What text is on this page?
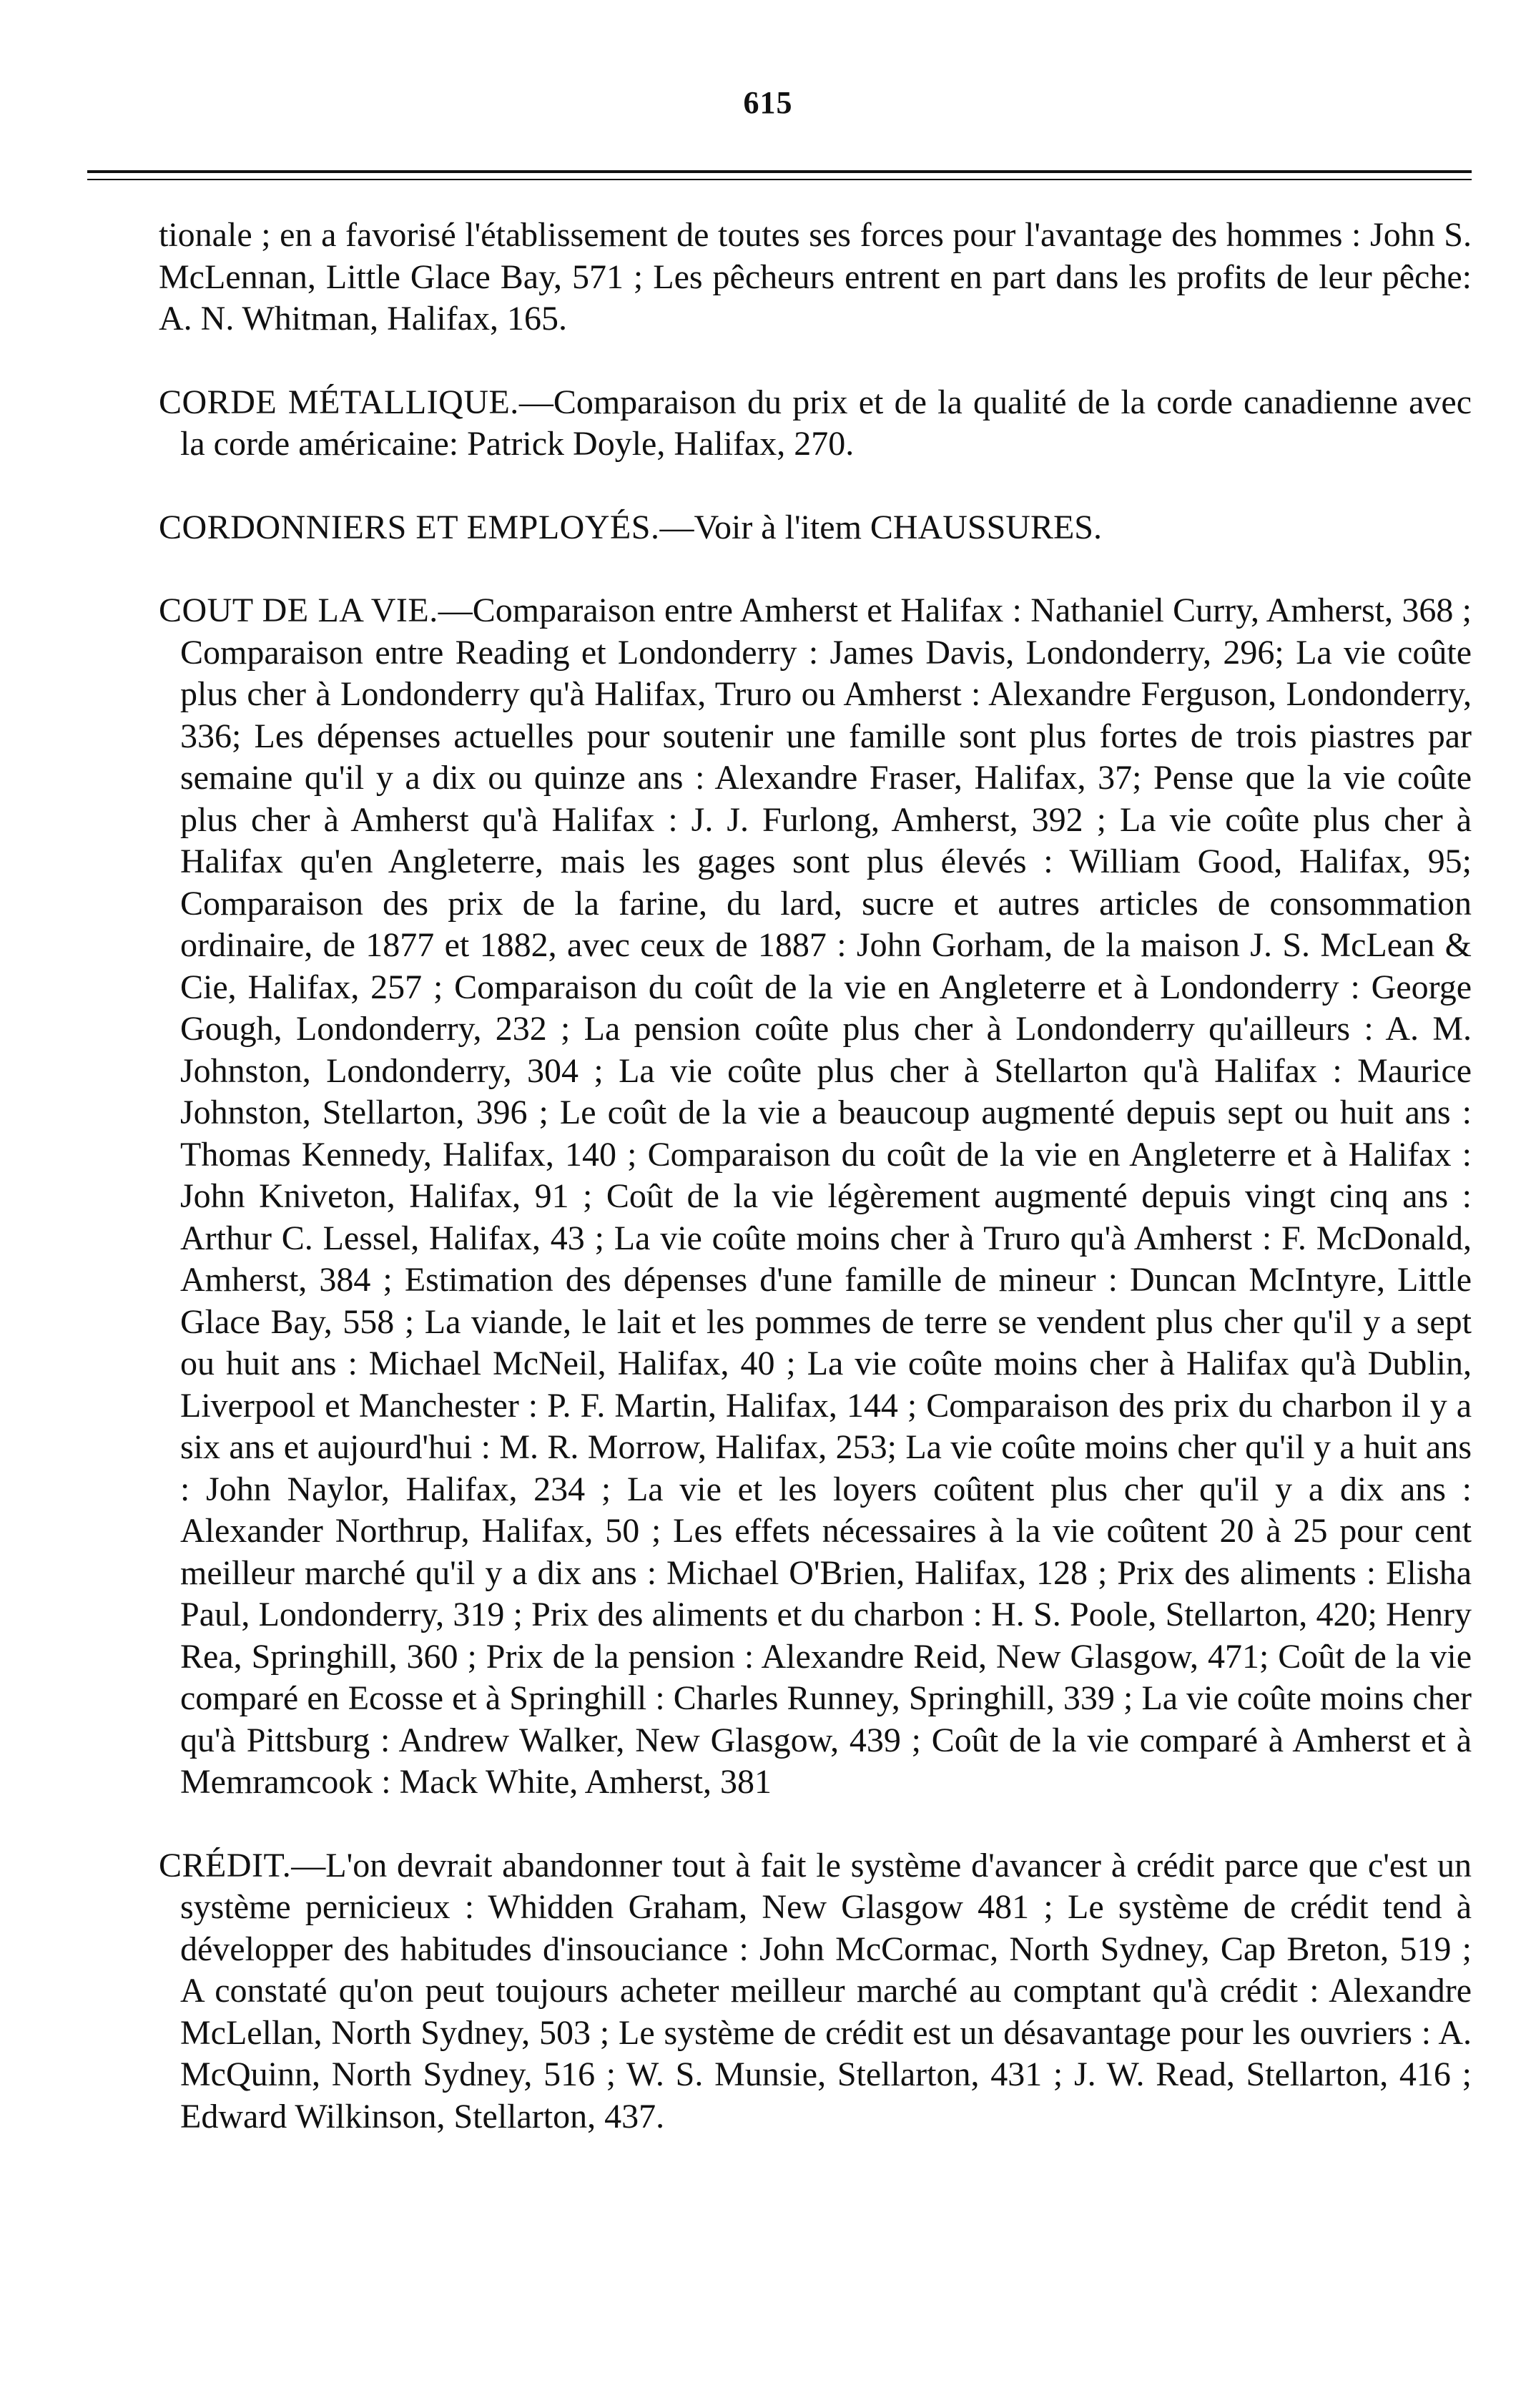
615

tionale ; en a favorisé l'établissement de toutes ses forces pour l'avantage des hommes : John S. McLennan, Little Glace Bay, 571 ; Les pêcheurs entrent en part dans les profits de leur pêche: A. N. Whitman, Halifax, 165.

CORDE MÉTALLIQUE.—Comparaison du prix et de la qualité de la corde canadienne avec la corde américaine: Patrick Doyle, Halifax, 270.

CORDONNIERS ET EMPLOYÉS.—Voir à l'item CHAUSSURES.

COUT DE LA VIE.—Comparaison entre Amherst et Halifax : Nathaniel Curry, Amherst, 368 ; Comparaison entre Reading et Londonderry : James Davis, Londonderry, 296; La vie coûte plus cher à Londonderry qu'à Halifax, Truro ou Amherst : Alexandre Ferguson, Londonderry, 336; Les dépenses actuelles pour soutenir une famille sont plus fortes de trois piastres par semaine qu'il y a dix ou quinze ans : Alexandre Fraser, Halifax, 37; Pense que la vie coûte plus cher à Amherst qu'à Halifax : J. J. Furlong, Amherst, 392 ; La vie coûte plus cher à Halifax qu'en Angleterre, mais les gages sont plus élevés : William Good, Halifax, 95; Comparaison des prix de la farine, du lard, sucre et autres articles de consommation ordinaire, de 1877 et 1882, avec ceux de 1887 : John Gorham, de la maison J. S. McLean & Cie, Halifax, 257 ; Comparaison du coût de la vie en Angleterre et à Londonderry : George Gough, Londonderry, 232 ; La pension coûte plus cher à Londonderry qu'ailleurs : A. M. Johnston, Londonderry, 304 ; La vie coûte plus cher à Stellarton qu'à Halifax : Maurice Johnston, Stellarton, 396 ; Le coût de la vie a beaucoup augmenté depuis sept ou huit ans : Thomas Kennedy, Halifax, 140 ; Comparaison du coût de la vie en Angleterre et à Halifax : John Kniveton, Halifax, 91 ; Coût de la vie légèrement augmenté depuis vingt cinq ans : Arthur C. Lessel, Halifax, 43 ; La vie coûte moins cher à Truro qu'à Amherst : F. McDonald, Amherst, 384 ; Estimation des dépenses d'une famille de mineur : Duncan McIntyre, Little Glace Bay, 558 ; La viande, le lait et les pommes de terre se vendent plus cher qu'il y a sept ou huit ans : Michael McNeil, Halifax, 40 ; La vie coûte moins cher à Halifax qu'à Dublin, Liverpool et Manchester : P. F. Martin, Halifax, 144 ; Comparaison des prix du charbon il y a six ans et aujourd'hui : M. R. Morrow, Halifax, 253; La vie coûte moins cher qu'il y a huit ans : John Naylor, Halifax, 234 ; La vie et les loyers coûtent plus cher qu'il y a dix ans : Alexander Northrup, Halifax, 50 ; Les effets nécessaires à la vie coûtent 20 à 25 pour cent meilleur marché qu'il y a dix ans : Michael O'Brien, Halifax, 128 ; Prix des aliments : Elisha Paul, Londonderry, 319 ; Prix des aliments et du charbon : H. S. Poole, Stellarton, 420; Henry Rea, Springhill, 360 ; Prix de la pension : Alexandre Reid, New Glasgow, 471; Coût de la vie comparé en Ecosse et à Springhill : Charles Runney, Springhill, 339 ; La vie coûte moins cher qu'à Pittsburg : Andrew Walker, New Glasgow, 439 ; Coût de la vie comparé à Amherst et à Memramcook : Mack White, Amherst, 381

CRÉDIT.—L'on devrait abandonner tout à fait le système d'avancer à crédit parce que c'est un système pernicieux : Whidden Graham, New Glasgow 481 ; Le système de crédit tend à développer des habitudes d'insouciance : John McCormac, North Sydney, Cap Breton, 519 ; A constaté qu'on peut toujours acheter meilleur marché au comptant qu'à crédit : Alexandre McLellan, North Sydney, 503 ; Le système de crédit est un désavantage pour les ouvriers : A. McQuinn, North Sydney, 516 ; W. S. Munsie, Stellarton, 431 ; J. W. Read, Stellarton, 416 ; Edward Wilkinson, Stellarton, 437.
